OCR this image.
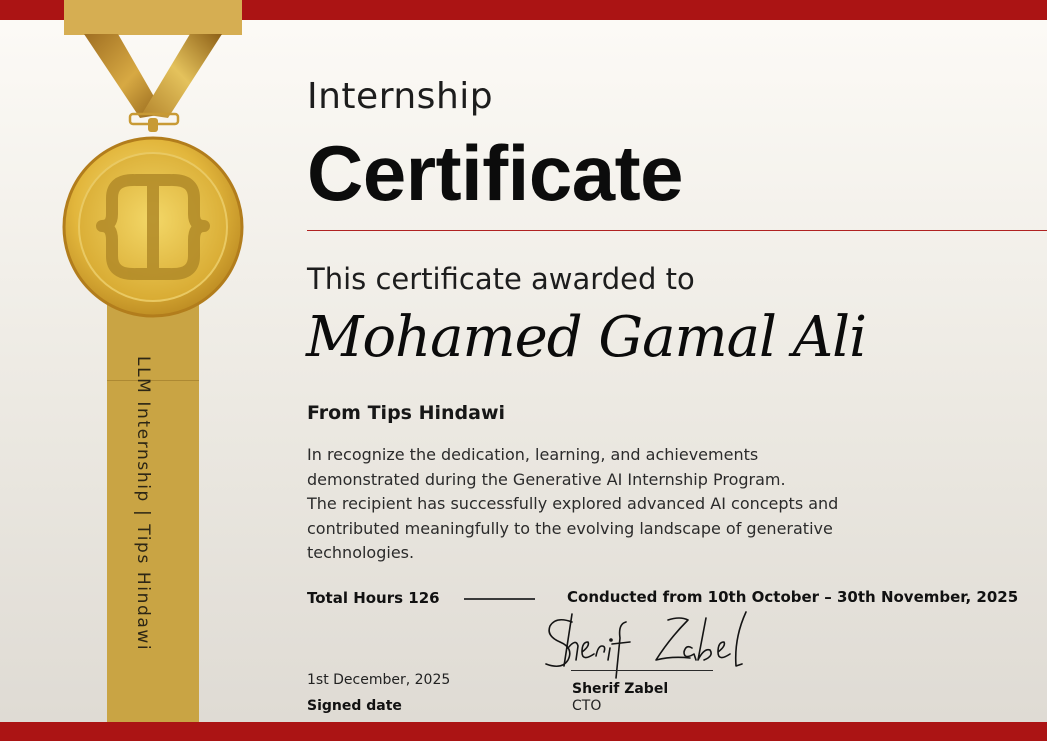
LLM Internship | Tips Hindawi
Internship
Certificate
This certificate awarded to
Mohamed Gamal Ali
From Tips Hindawi
In recognize the dedication, learning, and achievements
demonstrated during the Generative AI Internship Program.
The recipient has successfully explored advanced AI concepts and
contributed meaningfully to the evolving landscape of generative
technologies.
Total Hours 126	Conducted from 10th October – 30th November, 2025
Sherif Zabel
CTO
1st December, 2025
Signed date
